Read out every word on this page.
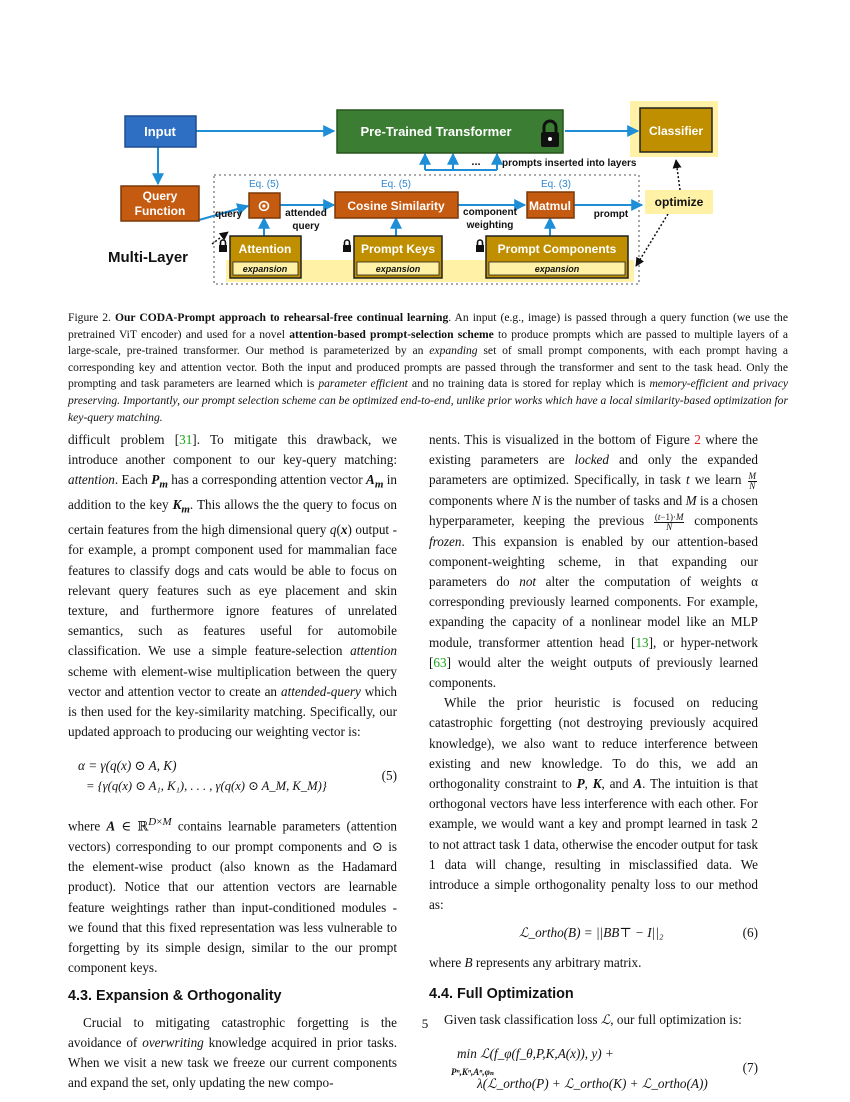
Input	Pre-Trained Transformer	Classifier
Query
Function
Multi-Layer
Eq. (5)	Eq. (5)	Eq. (3)
⊙	Cosine Similarity	Matmul	optimize
... prompts inserted into layers
query	attended
query
component
weighting
prompt
Attention
expansion
Prompt Keys
expansion
Prompt Components
expansion
Figure 2. Our CODA-Prompt approach to rehearsal-free continual learning. An input (e.g., image) is passed through a query function (we use the pretrained ViT encoder) and used for a novel attention-based prompt-selection scheme to produce prompts which are passed to multiple layers of a large-scale, pre-trained transformer. Our method is parameterized by an expanding set of small prompt components, with each prompt having a corresponding key and attention vector. Both the input and produced prompts are passed through the transformer and sent to the task head. Only the prompting and task parameters are learned which is parameter efficient and no training data is stored for replay which is memory-efficient and privacy preserving. Importantly, our prompt selection scheme can be optimized end-to-end, unlike prior works which have a local similarity-based optimization for key-query matching.

difficult problem [31]. To mitigate this drawback, we introduce another component to our key-query matching: attention. Each $P_m$ has a corresponding attention vector $A_m$ in addition to the key $K_m$. This allows the the query to focus on certain features from the high dimensional query q(x) output - for example, a prompt component used for mammalian face features to classify dogs and cats would be able to focus on relevant query features such as eye placement and skin texture, and furthermore ignore features of unrelated semantics, such as features useful for automobile classification. We use a simple feature-selection attention scheme with element-wise multiplication between the query vector and attention vector to create an attended-query which is then used for the key-similarity matching. Specifically, our updated approach to producing our weighting vector is:

α = γ(q(x) ⊙ A, K)
= {γ(q(x) ⊙ A₁, K₁), . . . , γ(q(x) ⊙ A_M, K_M)}
(5)

where A ∈ ℝ$^{D\times M}$ contains learnable parameters (attention vectors) corresponding to our prompt components and ⊙ is the element-wise product (also known as the Hadamard product). Notice that our attention vectors are learnable feature weightings rather than input-conditioned modules - we found that this fixed representation was less vulnerable to forgetting by its simple design, similar to the our prompt component keys.

4.3. Expansion & Orthogonality

Crucial to mitigating catastrophic forgetting is the avoidance of overwriting knowledge acquired in prior tasks. When we visit a new task we freeze our current components and expand the set, only updating the new compo-

nents. This is visualized in the bottom of Figure 2 where the existing parameters are locked and only the expanded parameters are optimized. Specifically, in task t we learn $\frac{M}{N}$
components where N is the number of tasks and M is a chosen hyperparameter, keeping the previous $\frac{(t-1)\cdot M}{N}$ components frozen. This expansion is enabled by our attention-based component-weighting scheme, in that expanding our parameters do not alter the computation of weights α corresponding previously learned components. For example, expanding the capacity of a nonlinear model like an MLP module, transformer attention head [13], or hyper-network [63] would alter the weight outputs of previously learned components.

While the prior heuristic is focused on reducing catastrophic forgetting (not destroying previously acquired knowledge), we also want to reduce interference between existing and new knowledge. To do this, we add an orthogonality constraint to P, K, and A. The intuition is that orthogonal vectors have less interference with each other. For example, we would want a key and prompt learned in task 2 to not attract task 1 data, otherwise the encoder output for task 1 data will change, resulting in misclassified data. We introduce a simple orthogonality penalty loss to our method as:

ℒ_ortho(B) = ||BB⊤ − I||₂	(6)

where B represents any arbitrary matrix.

4.4. Full Optimization

Given task classification loss ℒ, our full optimization is:

min ℒ(f_φ(f_θ,P,K,A(x)), y) +
Pⁿ,Kⁿ,Aⁿ,φₙ
λ(ℒ_ortho(P) + ℒ_ortho(K) + ℒ_ortho(A))
(7)
5
